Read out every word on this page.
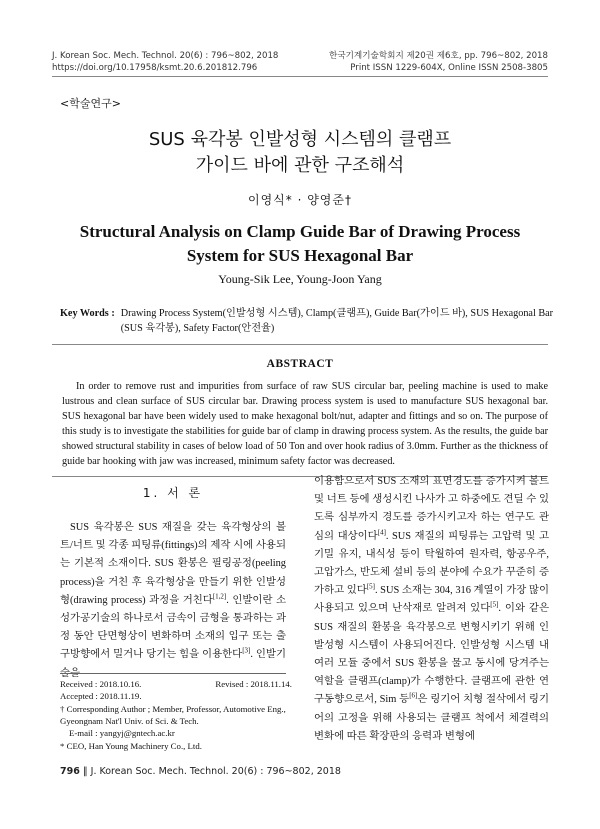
J. Korean Soc. Mech. Technol. 20(6) : 796~802, 2018
https://doi.org/10.17958/ksmt.20.6.201812.796
한국기계기술학회지 제20권 제6호, pp. 796~802, 2018
Print ISSN 1229-604X, Online ISSN 2508-3805
<학술연구>
SUS 육각봉 인발성형 시스템의 클램프
가이드 바에 관한 구조해석
이영식* · 양영준†
Structural Analysis on Clamp Guide Bar of Drawing Process
System for SUS Hexagonal Bar
Young-Sik Lee, Young-Joon Yang
Key Words : Drawing Process System(인발성형 시스템), Clamp(클램프), Guide Bar(가이드 바), SUS Hexagonal Bar (SUS 육각봉), Safety Factor(안전율)
ABSTRACT

In order to remove rust and impurities from surface of raw SUS circular bar, peeling machine is used to make lustrous and clean surface of SUS circular bar. Drawing process system is used to manufacture SUS hexagonal bar. SUS hexagonal bar have been widely used to make hexagonal bolt/nut, adapter and fittings and so on. The purpose of this study is to investigate the stabilities for guide bar of clamp in drawing process system. As the results, the guide bar showed structural stability in cases of below load of 50 Ton and over hook radius of 3.0mm. Further as the thickness of guide bar hooking with jaw was increased, minimum safety factor was decreased.

1. 서 론

SUS 육각봉은 SUS 재질을 갖는 육각형상의 볼트/너트 및 각종 피팅류(fittings)의 제작 시에 사용되는 기본적 소재이다. SUS 환봉은 필링공정(peeling process)을 거친 후 육각형상을 만들기 위한 인발성형(drawing process) 과정을 거친다[1,2]. 인발이란 소성가공기술의 하나로서 금속이 금형을 통과하는 과정 동안 단면형상이 변화하며 소재의 입구 또는 출구방향에서 밀거나 당기는 힘을 이용한다[3]. 인발기술을

이용함으로서 SUS 소재의 표면경도를 증가시켜 볼트 및 너트 등에 생성시킨 나사가 고 하중에도 견딜 수 있도록 심부까지 경도를 증가시키고자 하는 연구도 관심의 대상이다[4]. SUS 재질의 피팅류는 고압력 및 고기밀 유지, 내식성 등이 탁월하여 원자력, 항공우주, 고압가스, 반도체 설비 등의 분야에 수요가 꾸준히 증가하고 있다[5]. SUS 소재는 304, 316 계열이 가장 많이 사용되고 있으며 난삭재로 알려져 있다[5]. 이와 같은 SUS 재질의 환봉을 육각봉으로 변형시키기 위해 인발성형 시스템이 사용되어진다. 인발성형 시스템 내 여러 모듈 중에서 SUS 환봉을 물고 동시에 당겨주는 역할을 클램프(clamp)가 수행한다. 클램프에 관한 연구동향으로서, Sim 등[6]은 링기어 치형 절삭에서 링기어의 고정을 위해 사용되는 클램프 척에서 체결력의 변화에 따른 확장판의 응력과 변형에

Received : 2018.10.16.	Revised : 2018.11.14.
Accepted : 2018.11.19.
† Corresponding Author ; Member, Professor, Automotive Eng., Gyeongnam Nat'l Univ. of Sci. & Tech.
E-mail : yangyj@gntech.ac.kr
* CEO, Han Young Machinery Co., Ltd.
796 ‖ J. Korean Soc. Mech. Technol. 20(6) : 796~802, 2018
